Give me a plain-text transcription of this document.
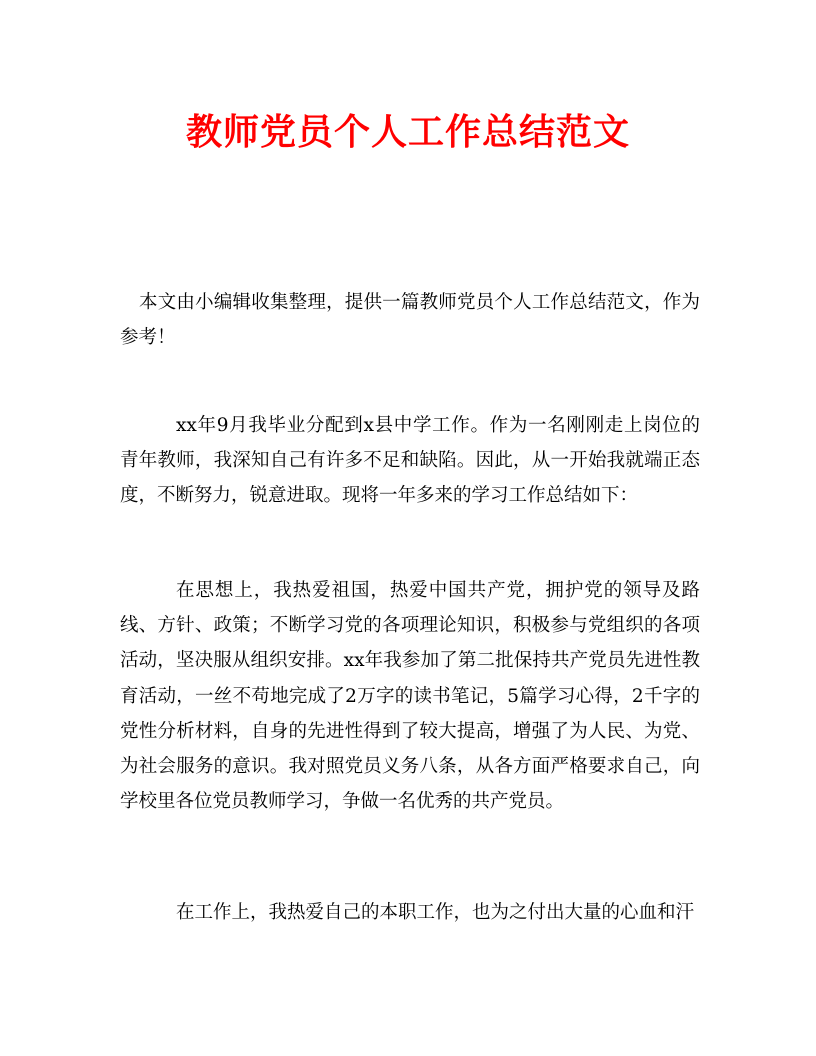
教师党员个人工作总结范文

本文由小编辑收集整理，提供一篇教师党员个人工作总结范文，作为参考！

xx年9月我毕业分配到x县中学工作。作为一名刚刚走上岗位的青年教师，我深知自己有许多不足和缺陷。因此，从一开始我就端正态度，不断努力，锐意进取。现将一年多来的学习工作总结如下：

在思想上，我热爱祖国，热爱中国共产党，拥护党的领导及路线、方针、政策；不断学习党的各项理论知识，积极参与党组织的各项活动，坚决服从组织安排。xx年我参加了第二批保持共产党员先进性教育活动，一丝不苟地完成了2万字的读书笔记，5篇学习心得，2千字的党性分析材料，自身的先进性得到了较大提高，增强了为人民、为党、为社会服务的意识。我对照党员义务八条，从各方面严格要求自己，向学校里各位党员教师学习，争做一名优秀的共产党员。

在工作上，我热爱自己的本职工作，也为之付出大量的心血和汗
